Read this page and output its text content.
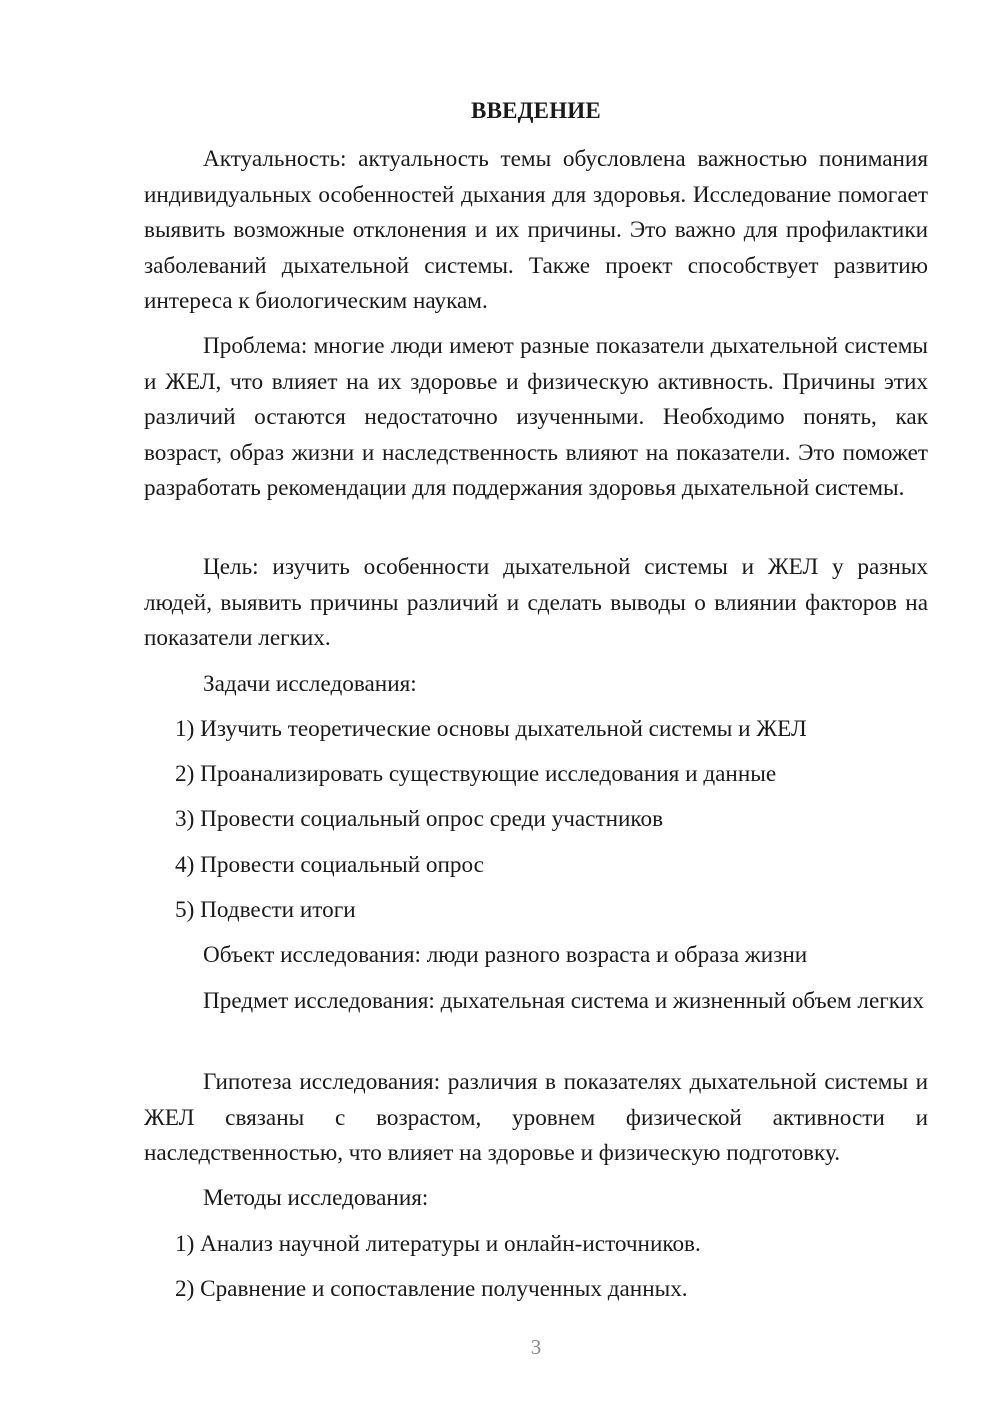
ВВЕДЕНИЕ

Актуальность: актуальность темы обусловлена важностью понимания индивидуальных особенностей дыхания для здоровья. Исследование помогает выявить возможные отклонения и их причины. Это важно для профилактики заболеваний дыхательной системы. Также проект способствует развитию интереса к биологическим наукам.

Проблема: многие люди имеют разные показатели дыхательной системы и ЖЕЛ, что влияет на их здоровье и физическую активность. Причины этих различий остаются недостаточно изученными. Необходимо понять, как возраст, образ жизни и наследственность влияют на показатели. Это поможет разработать рекомендации для поддержания здоровья дыхательной системы.

Цель: изучить особенности дыхательной системы и ЖЕЛ у разных людей, выявить причины различий и сделать выводы о влиянии факторов на показатели легких.

Задачи исследования:

1) Изучить теоретические основы дыхательной системы и ЖЕЛ

2) Проанализировать существующие исследования и данные

3) Провести социальный опрос среди участников

4) Провести социальный опрос

5) Подвести итоги

Объект исследования: люди разного возраста и образа жизни

Предмет исследования: дыхательная система и жизненный объем легких

Гипотеза исследования: различия в показателях дыхательной системы и ЖЕЛ связаны с возрастом, уровнем физической активности и наследственностью, что влияет на здоровье и физическую подготовку.

Методы исследования:

1) Анализ научной литературы и онлайн-источников.

2) Сравнение и сопоставление полученных данных.

3
